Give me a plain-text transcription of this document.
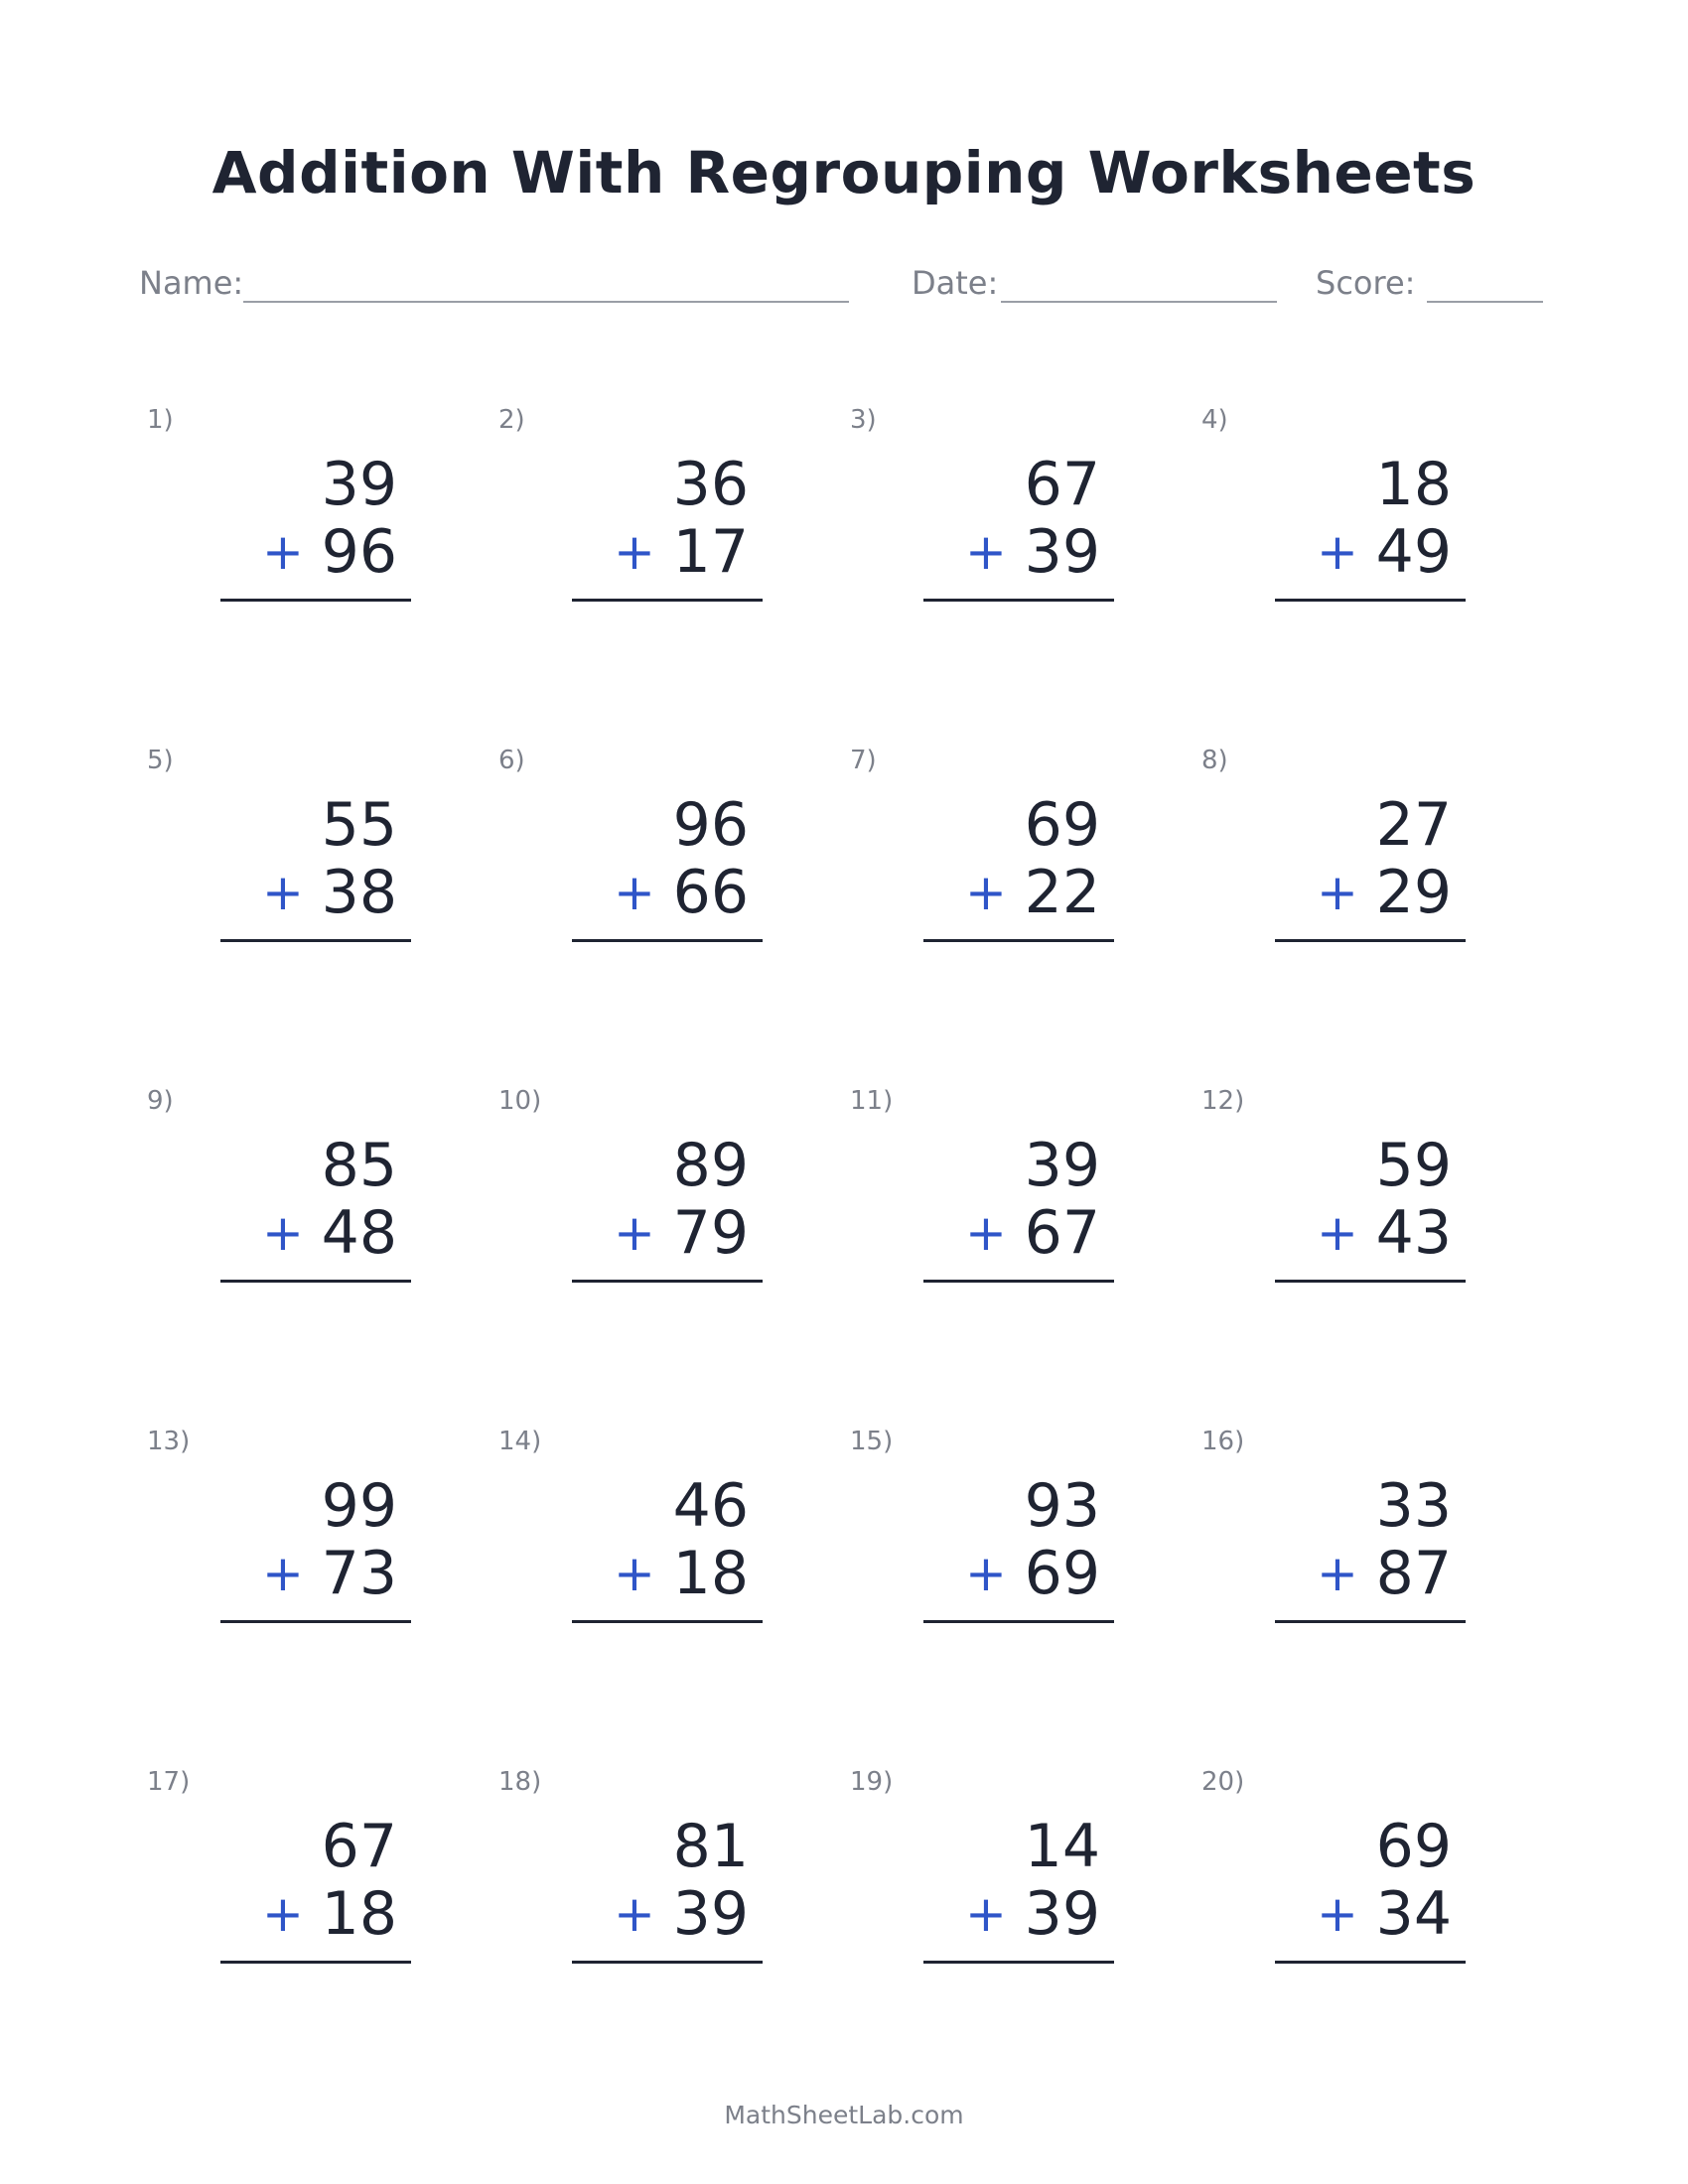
Addition With Regrouping Worksheets
Name:	Date:	Score:
1)
39
+ 96
2)
36
+ 17
3)
67
+ 39
4)
18
+ 49
5)
55
+ 38
6)
96
+ 66
7)
69
+ 22
8)
27
+ 29
9)
85
+ 48
10)
89
+ 79
11)
39
+ 67
12)
59
+ 43
13)
99
+ 73
14)
46
+ 18
15)
93
+ 69
16)
33
+ 87
17)
67
+ 18
18)
81
+ 39
19)
14
+ 39
20)
69
+ 34
MathSheetLab.com
